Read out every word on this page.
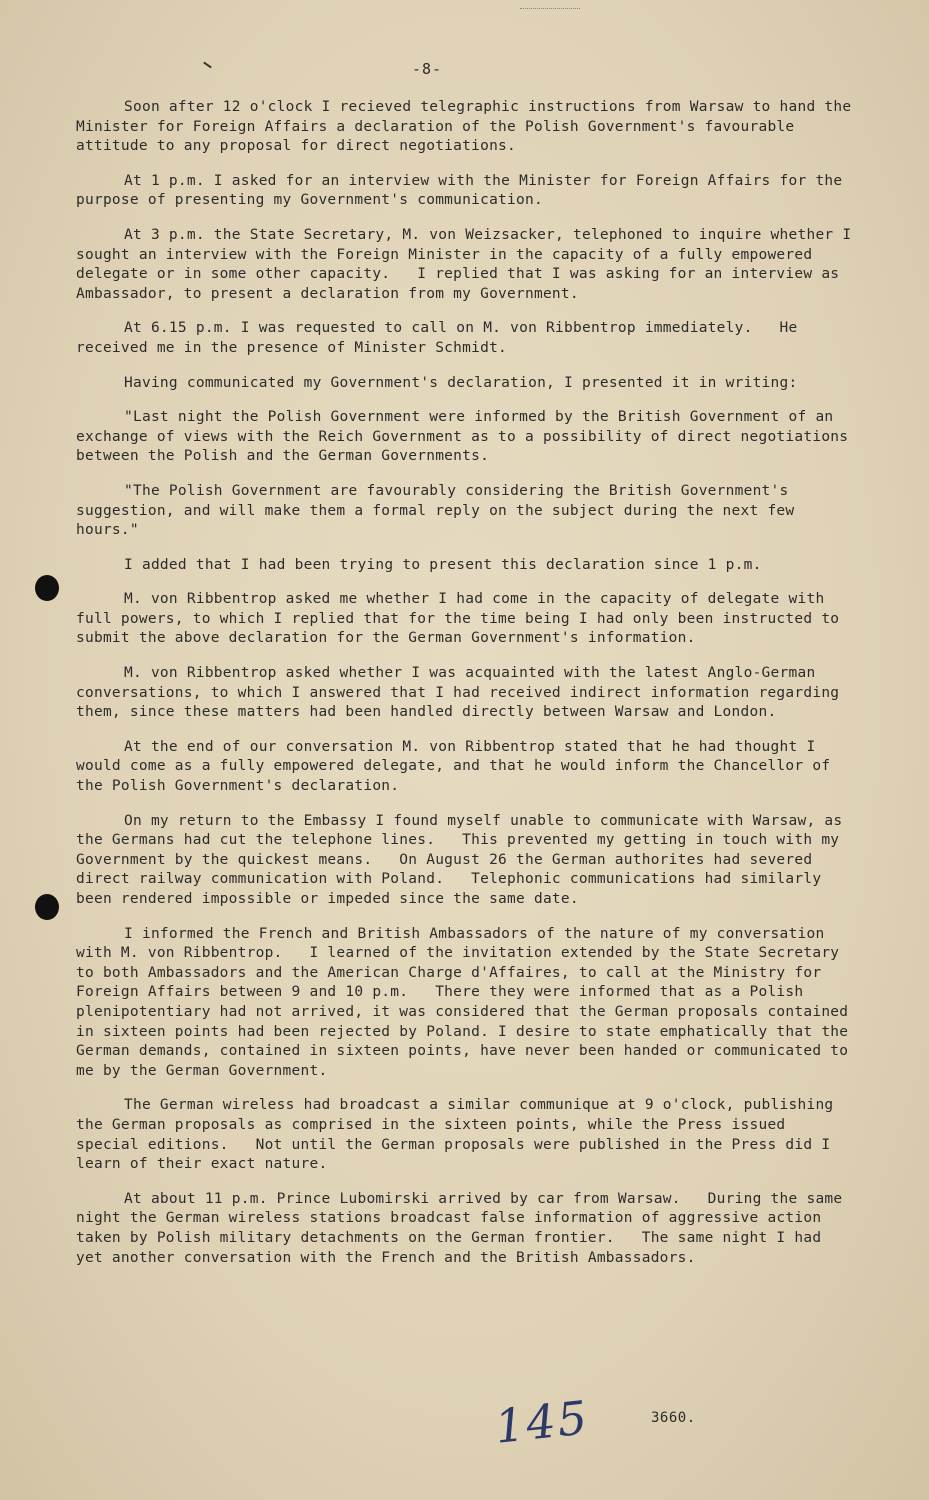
-8-

Soon after 12 o'clock I recieved telegraphic instructions from Warsaw to hand the Minister for Foreign Affairs a declaration of the Polish Government's favourable attitude to any proposal for direct negotiations.

At 1 p.m. I asked for an interview with the Minister for Foreign Affairs for the purpose of presenting my Government's communication.

At 3 p.m. the State Secretary, M. von Weizsacker, telephoned to inquire whether I sought an interview with the Foreign Minister in the capacity of a fully empowered delegate or in some other capacity.   I replied that I was asking for an interview as Ambassador, to present a declaration from my Government.

At 6.15 p.m. I was requested to call on M. von Ribbentrop immediately.   He received me in the presence of Minister Schmidt.

Having communicated my Government's declaration, I presented it in writing:

"Last night the Polish Government were informed by the British Government of an exchange of views with the Reich Government as to a possibility of direct negotiations between the Polish and the German Governments.

"The Polish Government are favourably considering the British Government's suggestion, and will make them a formal reply on the subject during the next few hours."

I added that I had been trying to present this declaration since 1 p.m.

M. von Ribbentrop asked me whether I had come in the capacity of delegate with full powers, to which I replied that for the time being I had only been instructed to submit the above declaration for the German Government's information.

M. von Ribbentrop asked whether I was acquainted with the latest Anglo-German conversations, to which I answered that I had received indirect information regarding them, since these matters had been handled directly between Warsaw and London.

At the end of our conversation M. von Ribbentrop stated that he had thought I would come as a fully empowered delegate, and that he would inform the Chancellor of the Polish Government's declaration.

On my return to the Embassy I found myself unable to communicate with Warsaw, as the Germans had cut the telephone lines.   This prevented my getting in touch with my Government by the quickest means.   On August 26 the German authorites had severed direct railway communication with Poland.   Telephonic communications had similarly been rendered impossible or impeded since the same date.

I informed the French and British Ambassadors of the nature of my conversation with M. von Ribbentrop.   I learned of the invitation extended by the State Secretary to both Ambassadors and the American Charge d'Affaires, to call at the Ministry for Foreign Affairs between 9 and 10 p.m.   There they were informed that as a Polish plenipotentiary had not arrived, it was considered that the German proposals contained in sixteen points had been rejected by Poland. I desire to state emphatically that the German demands, contained in sixteen points, have never been handed or communicated to me by the German Government.

The German wireless had broadcast a similar communique at 9 o'clock, publishing the German proposals as comprised in the sixteen points, while the Press issued special editions.   Not until the German proposals were published in the Press did I learn of their exact nature.

At about 11 p.m. Prince Lubomirski arrived by car from Warsaw.   During the same night the German wireless stations broadcast false information of aggressive action taken by Polish military detachments on the German frontier.   The same night I had yet another conversation with the French and the British Ambassadors.

145	3660.
